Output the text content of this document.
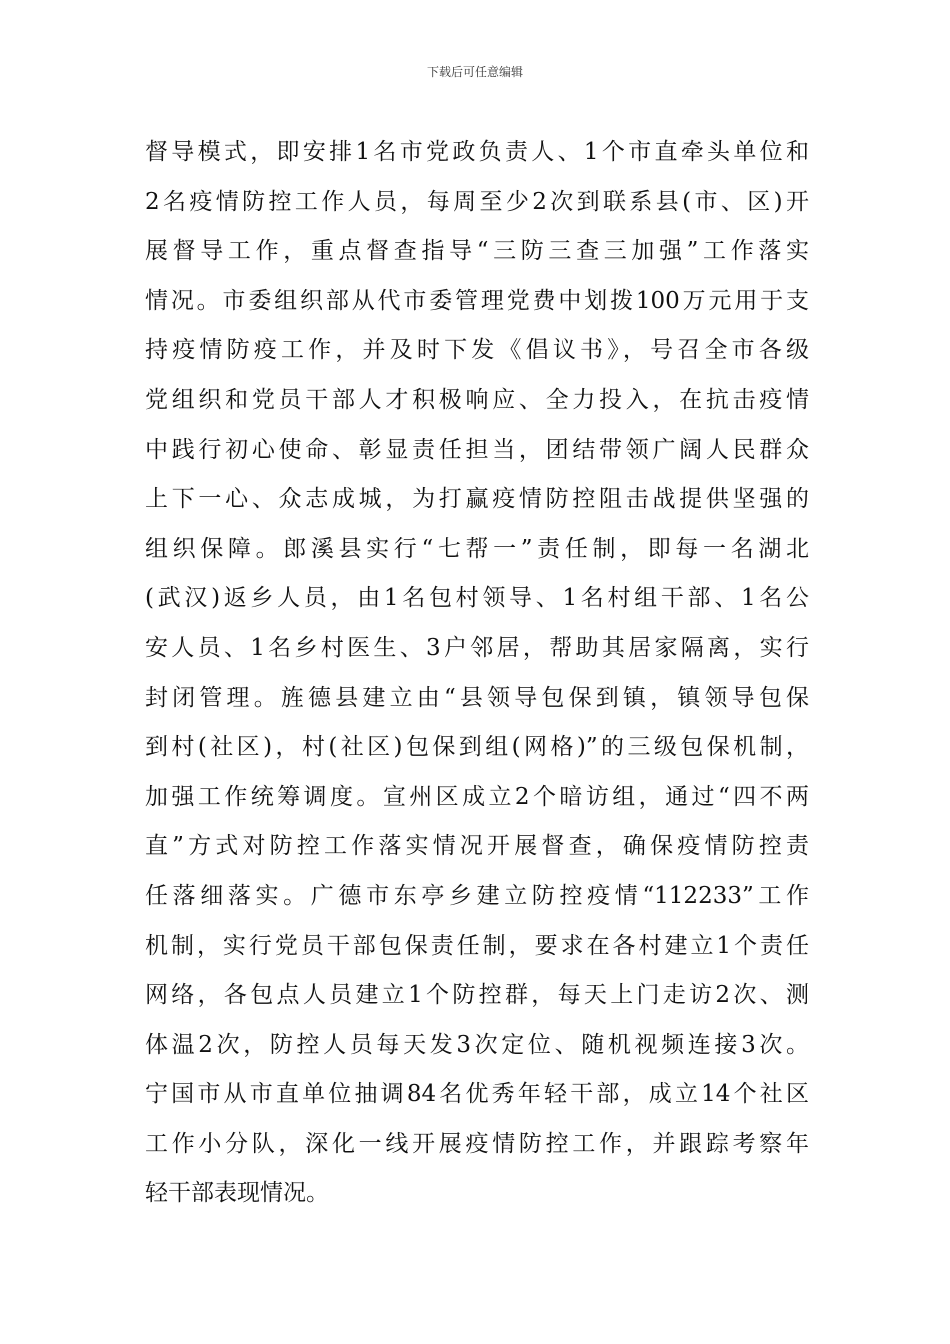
下载后可任意编辑
督导模式，即安排1名市党政负责人、1个市直牵头单位和
2名疫情防控工作人员，每周至少2次到联系县(市、区)开
展督导工作，重点督查指导“三防三查三加强”工作落实
情况。市委组织部从代市委管理党费中划拨100万元用于支
持疫情防疫工作，并及时下发《倡议书》，号召全市各级
党组织和党员干部人才积极响应、全力投入，在抗击疫情
中践行初心使命、彰显责任担当，团结带领广阔人民群众
上下一心、众志成城，为打赢疫情防控阻击战提供坚强的
组织保障。郎溪县实行“七帮一”责任制，即每一名湖北
(武汉)返乡人员，由1名包村领导、1名村组干部、1名公
安人员、1名乡村医生、3户邻居，帮助其居家隔离，实行
封闭管理。旌德县建立由“县领导包保到镇，镇领导包保
到村(社区)，村(社区)包保到组(网格)”的三级包保机制，
加强工作统筹调度。宣州区成立2个暗访组，通过“四不两
直”方式对防控工作落实情况开展督查，确保疫情防控责
任落细落实。广德市东亭乡建立防控疫情“112233”工作
机制，实行党员干部包保责任制，要求在各村建立1个责任
网络，各包点人员建立1个防控群，每天上门走访2次、测
体温2次，防控人员每天发3次定位、随机视频连接3次。
宁国市从市直单位抽调84名优秀年轻干部，成立14个社区
工作小分队，深化一线开展疫情防控工作，并跟踪考察年
轻干部表现情况。
